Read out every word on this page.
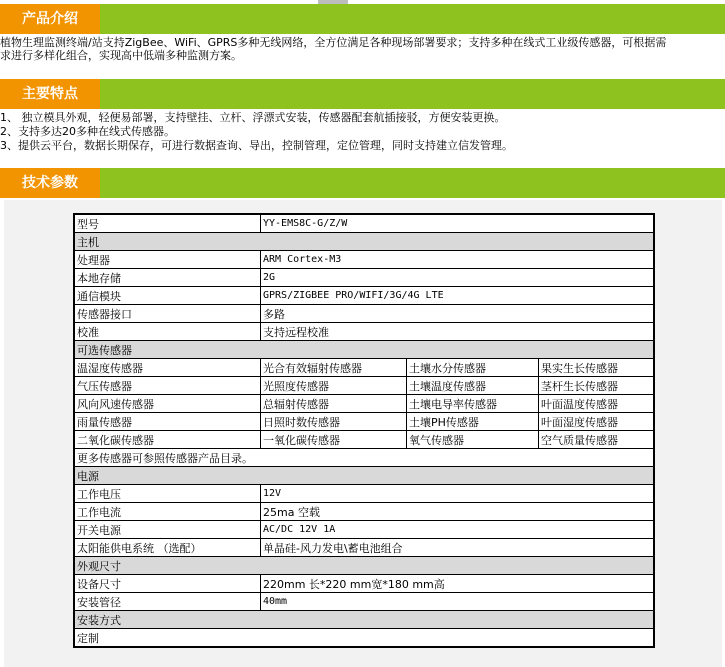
产品介绍
植物生理监测终端/站支持ZigBee、WiFi、GPRS多种无线网络，全方位满足各种现场部署要求；支持多种在线式工业级传感器，可根据需
求进行多样化组合，实现高中低端多种监测方案。
主要特点
1、 独立模具外观，轻便易部署，支持壁挂、立杆、浮漂式安装，传感器配套航插接驳，方便安装更换。
2、支持多达20多种在线式传感器。
3、提供云平台，数据长期保存，可进行数据查询、导出，控制管理，定位管理，同时支持建立信发管理。
技术参数
型号	YY-EMS8C-G/Z/W		
主机			
处理器	ARM Cortex-M3		
本地存储	2G		
通信模块	GPRS/ZIGBEE PRO/WIFI/3G/4G LTE		
传感器接口	多路		
校准	支持远程校准		
可选传感器			
温湿度传感器	光合有效辐射传感器	土壤水分传感器	果实生长传感器
气压传感器	光照度传感器	土壤温度传感器	茎杆生长传感器
风向风速传感器	总辐射传感器	土壤电导率传感器	叶面温度传感器
雨量传感器	日照时数传感器	土壤PH传感器	叶面湿度传感器
二氧化碳传感器	一氧化碳传感器	氧气传感器	空气质量传感器
更多传感器可参照传感器产品目录。			
电源			
工作电压	12V		
工作电流	25ma 空载		
开关电源	AC/DC 12V 1A		
太阳能供电系统 （选配）	单晶硅-风力发电\蓄电池组合		
外观尺寸			
设备尺寸	220mm 长*220 mm宽*180 mm高		
安装管径	40mm		
安装方式			
定制			
